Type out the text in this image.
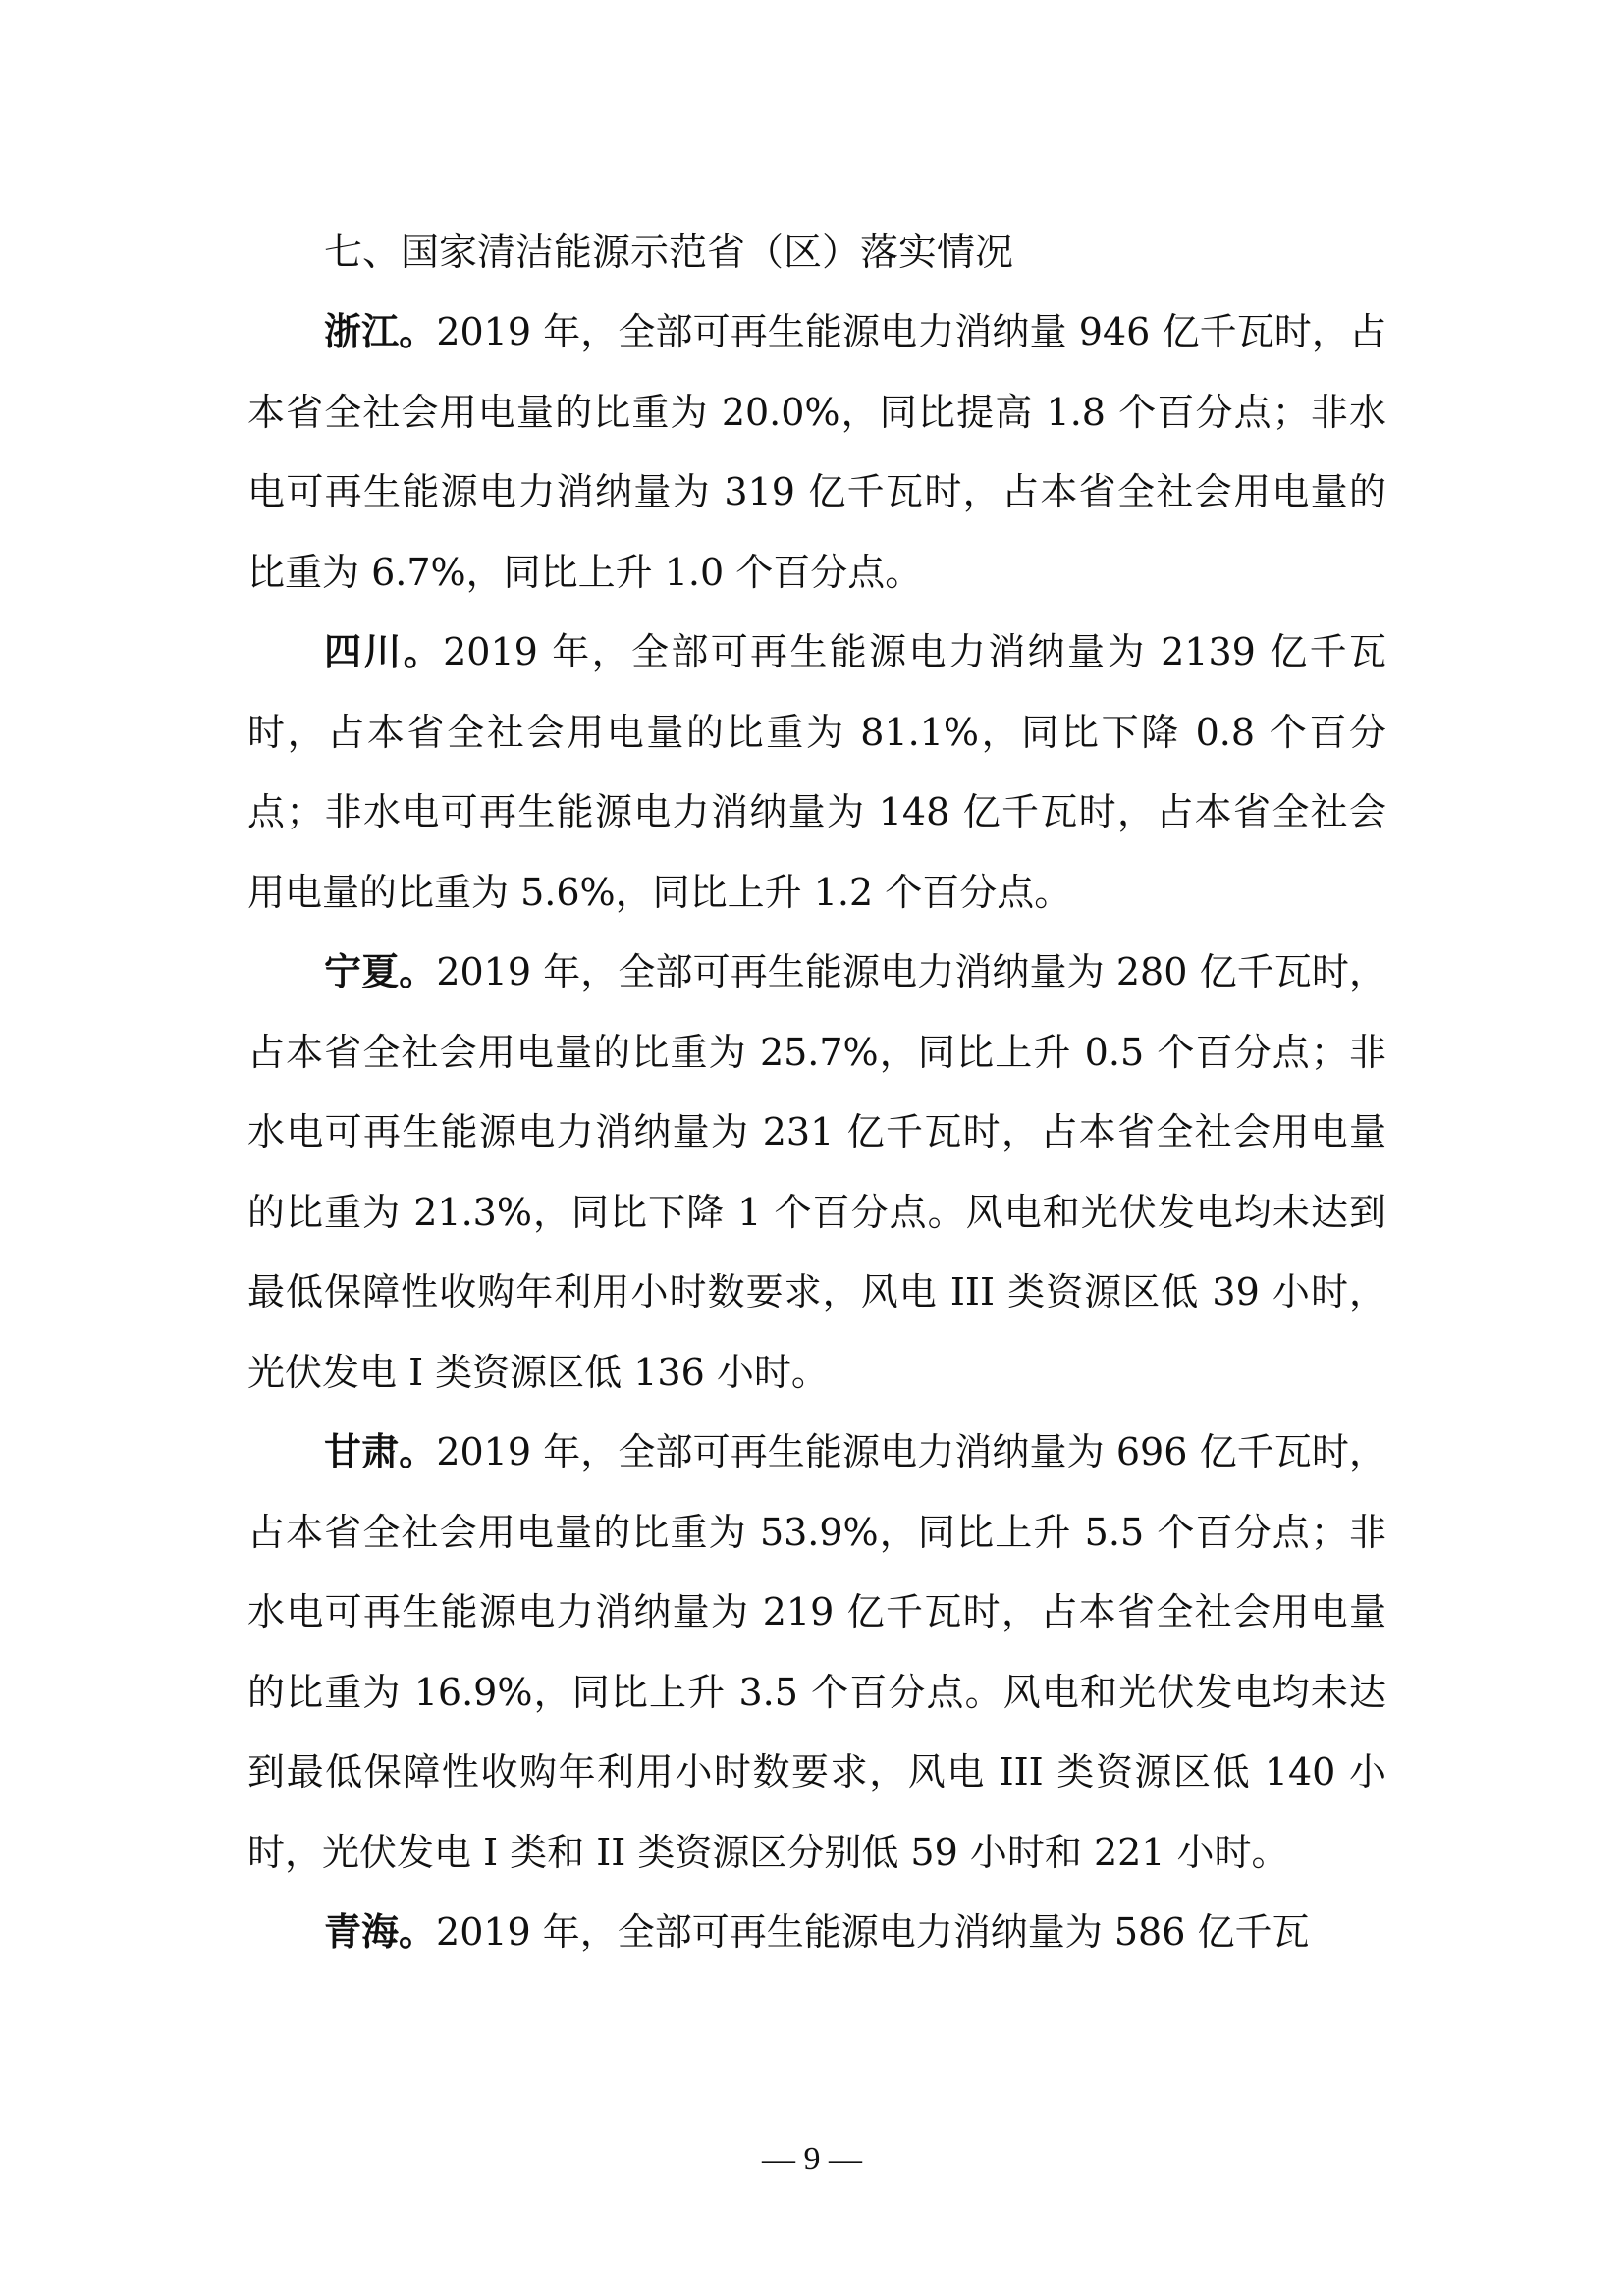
七、国家清洁能源示范省（区）落实情况

浙江。2019 年，全部可再生能源电力消纳量 946 亿千瓦时，占本省全社会用电量的比重为 20.0%，同比提高 1.8 个百分点；非水电可再生能源电力消纳量为 319 亿千瓦时，占本省全社会用电量的比重为 6.7%，同比上升 1.0 个百分点。

四川。2019 年，全部可再生能源电力消纳量为 2139 亿千瓦时，占本省全社会用电量的比重为 81.1%，同比下降 0.8 个百分点；非水电可再生能源电力消纳量为 148 亿千瓦时，占本省全社会用电量的比重为 5.6%，同比上升 1.2 个百分点。

宁夏。2019 年，全部可再生能源电力消纳量为 280 亿千瓦时，占本省全社会用电量的比重为 25.7%，同比上升 0.5 个百分点；非水电可再生能源电力消纳量为 231 亿千瓦时，占本省全社会用电量的比重为 21.3%，同比下降 1 个百分点。风电和光伏发电均未达到最低保障性收购年利用小时数要求，风电 III 类资源区低 39 小时，光伏发电 I 类资源区低 136 小时。

甘肃。2019 年，全部可再生能源电力消纳量为 696 亿千瓦时，占本省全社会用电量的比重为 53.9%，同比上升 5.5 个百分点；非水电可再生能源电力消纳量为 219 亿千瓦时，占本省全社会用电量的比重为 16.9%，同比上升 3.5 个百分点。风电和光伏发电均未达到最低保障性收购年利用小时数要求，风电 III 类资源区低 140 小时，光伏发电 I 类和 II 类资源区分别低 59 小时和 221 小时。

青海。2019 年，全部可再生能源电力消纳量为 586 亿千瓦

— 9 —
